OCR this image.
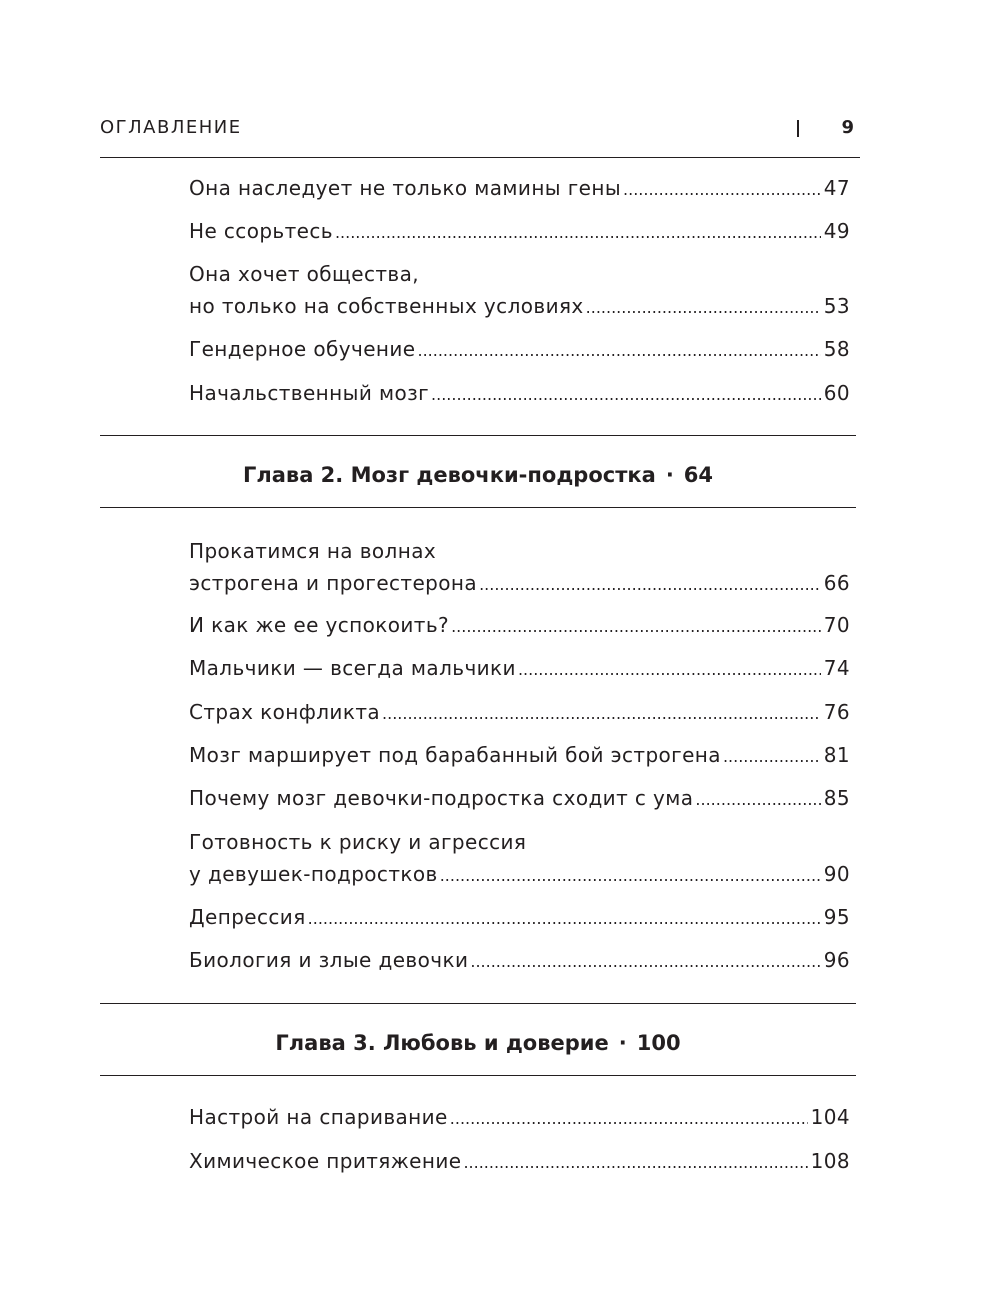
ОГЛАВЛЕНИЕ	9
Она наследует не только мамины гены .....	47
Не ссорьтесь .....	49
Она хочет общества,
но только на собственных условиях .....	53
Гендерное обучение .....	58
Начальственный мозг .....	60
Глава 2. Мозг девочки-подростка · 64
Прокатимся на волнах
эстрогена и прогестерона .....	66
И как же ее успокоить? .....	70
Мальчики — всегда мальчики .....	74
Страх конфликта .....	76
Мозг марширует под барабанный бой эстрогена .....	81
Почему мозг девочки-подростка сходит с ума .....	85
Готовность к риску и агрессия
у девушек-подростков .....	90
Депрессия .....	95
Биология и злые девочки .....	96
Глава 3. Любовь и доверие · 100
Настрой на спаривание .....	104
Химическое притяжение .....	108
